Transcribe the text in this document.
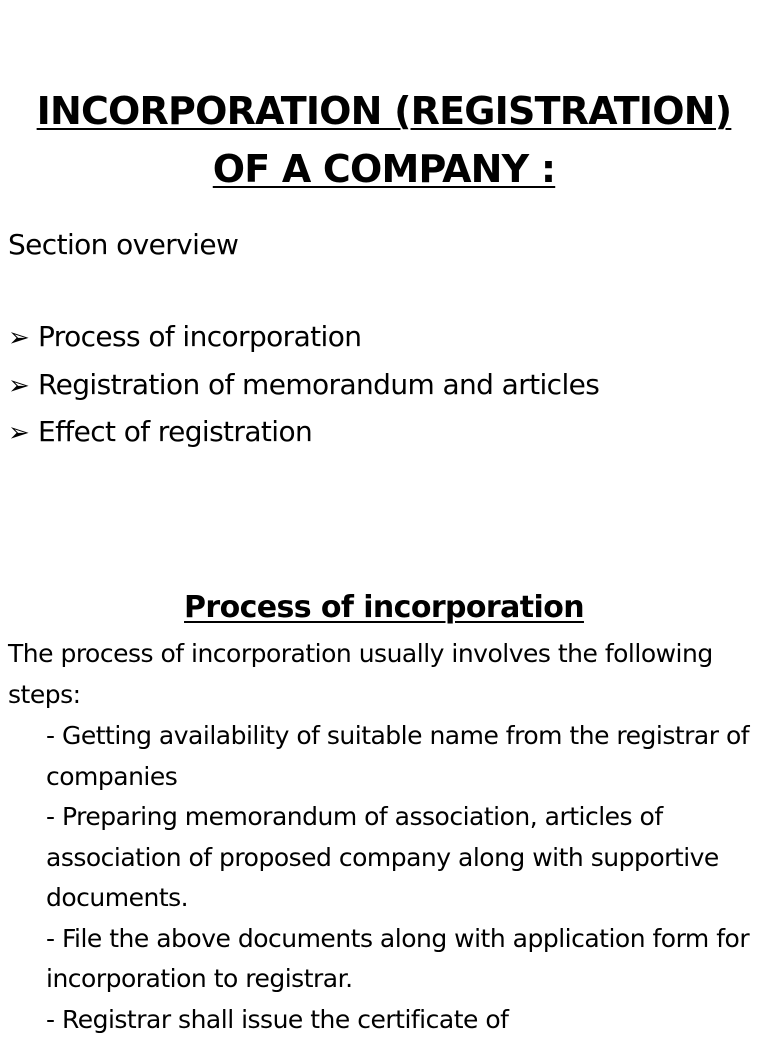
INCORPORATION (REGISTRATION)
OF A COMPANY :
Section overview
➢ Process of incorporation
➢ Registration of memorandum and articles
➢ Effect of registration
Process of incorporation
The process of incorporation usually involves the following steps:
- Getting availability of suitable name from the registrar of companies
- Preparing memorandum of association, articles of association of proposed company along with supportive documents.
- File the above documents along with application form for incorporation to registrar.
- Registrar shall issue the certificate of
